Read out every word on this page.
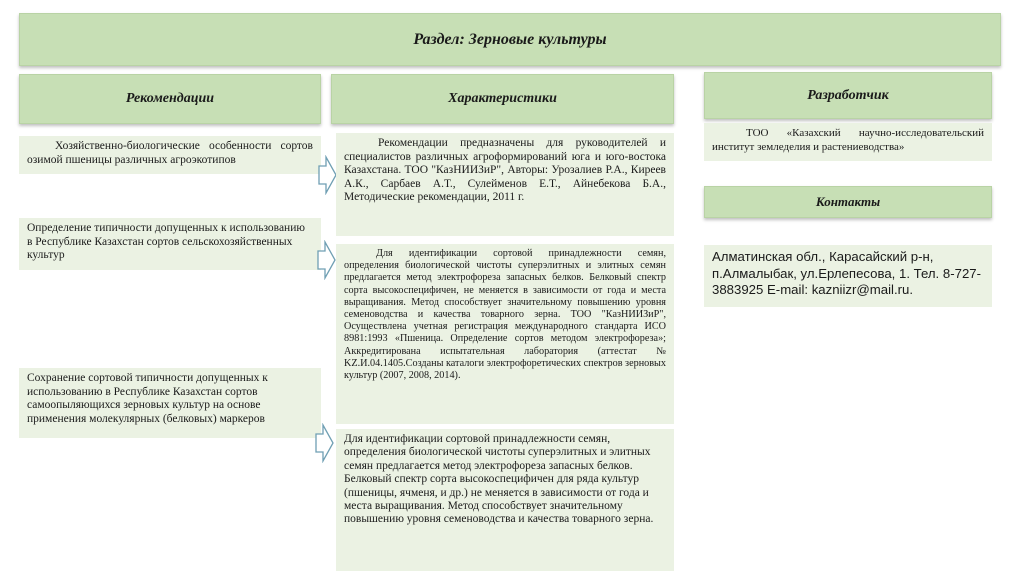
Раздел: Зерновые культуры
Рекомендации	Характеристики	Разработчик
Контакты
Хозяйственно-биологические особенности сортов озимой пшеницы различных агроэкотипов
Определение типичности допущенных к использованию в Республике Казахстан сортов сельскохозяйственных культур
Сохранение сортовой типичности допущенных к использованию в Республике Казахстан сортов самоопыляющихся зерновых культур на основе применения молекулярных (белковых) маркеров
Рекомендации предназначены для руководителей и специалистов различных агроформирований юга и юго-востока Казахстана. ТОО "КазНИИЗиР", Авторы: Урозалиев Р.А., Киреев А.К., Сарбаев А.Т., Сулейменов Е.Т., Айнебекова Б.А., Методические рекомендации, 2011 г.
Для идентификации сортовой принадлежности семян, определения биологической чистоты суперэлитных и элитных семян предлагается метод электрофореза запасных белков. Белковый спектр сорта высокоспецифичен, не меняется в зависимости от года и места выращивания. Метод способствует значительному повышению уровня семеноводства и качества товарного зерна. ТОО "КазНИИЗиР", Осуществлена учетная регистрация международного стандарта ИСО 8981:1993 «Пшеница. Определение сортов методом электрофореза»; Аккредитирована испытательная лаборатория (аттестат № KZ.И.04.1405.Созданы каталоги электрофоретических спектров зерновых культур (2007, 2008, 2014).
Для идентификации сортовой принадлежности семян, определения биологической чистоты суперэлитных и элитных семян предлагается метод электрофореза запасных белков. Белковый спектр сорта высокоспецифичен для ряда культур (пшеницы, ячменя, и др.) не меняется в зависимости от года и места выращивания. Метод способствует значительному повышению уровня семеноводства и качества товарного зерна.
ТОО «Казахский научно-исследовательский институт земледелия и растениеводства»
Алматинская обл., Карасайский р-н, п.Алмалыбак, ул.Ерлепесова, 1. Тел. 8-727-3883925 E-mail: kazniizr@mail.ru.
